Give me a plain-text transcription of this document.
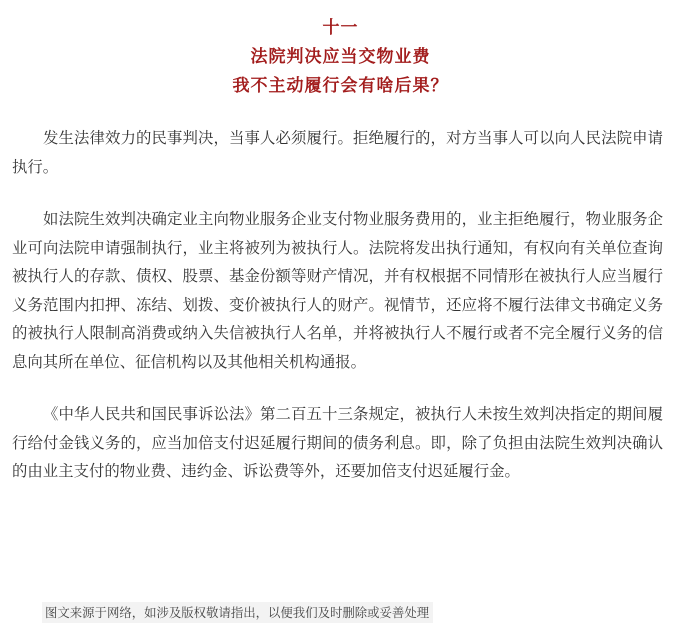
十一

法院判决应当交物业费

我不主动履行会有啥后果？

发生法律效力的民事判决，当事人必须履行。拒绝履行的，对方当事人可以向人民法院申请执行。

如法院生效判决确定业主向物业服务企业支付物业服务费用的，业主拒绝履行，物业服务企业可向法院申请强制执行，业主将被列为被执行人。法院将发出执行通知，有权向有关单位查询被执行人的存款、债权、股票、基金份额等财产情况，并有权根据不同情形在被执行人应当履行义务范围内扣押、冻结、划拨、变价被执行人的财产。视情节，还应将不履行法律文书确定义务的被执行人限制高消费或纳入失信被执行人名单，并将被执行人不履行或者不完全履行义务的信息向其所在单位、征信机构以及其他相关机构通报。

《中华人民共和国民事诉讼法》第二百五十三条规定，被执行人未按生效判决指定的期间履行给付金钱义务的，应当加倍支付迟延履行期间的债务利息。即，除了负担由法院生效判决确认的由业主支付的物业费、违约金、诉讼费等外，还要加倍支付迟延履行金。

图文来源于网络，如涉及版权敬请指出，以便我们及时删除或妥善处理
